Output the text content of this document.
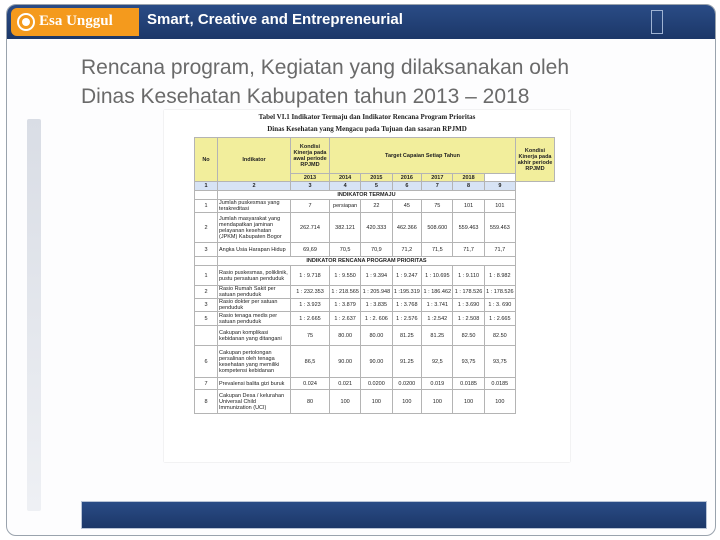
Esa Unggul Smart, Creative and Entrepreneurial
Rencana program, Kegiatan yang dilaksanakan oleh
Dinas Kesehatan Kabupaten tahun 2013 – 2018
Tabel VI.1 Indikator Termaju dan Indikator Rencana Program Prioritas
Dinas Kesehatan yang Mengacu pada Tujuan dan sasaran RPJMD
No	Indikator	Kondisi Kinerja pada awal periode RPJMD	Target Capaian Setiap Tahun						Kondisi Kinerja pada akhir periode RPJMD
		2013	2014	2015	2016	2017	2018		
1	2	3	4	5	6	7	8	9	
	INDIKATOR TERMAJU								
1	Jumlah puskesmas yang terakreditasi	7	persiapan	22	45	75	101	101	
2	Jumlah masyarakat yang mendapatkan jaminan pelayanan kesehatan (JPKM) Kabupaten Bogor	262.714	382.121	420.333	462.366	508.600	559.463	559.463	
3	Angka Usia Harapan Hidup	69,69	70,5	70,9	71,2	71,5	71,7	71,7	
	INDIKATOR RENCANA PROGRAM PRIORITAS								
1	Rasio puskesmas, poliklinik, pustu persatuan penduduk	1 : 9.718	1 : 9.550	1 : 9.394	1 : 9.247	1 : 10.695	1 : 9.110	1 : 8.982	
2	Rasio Rumah Sakit per satuan penduduk	1 : 232.353	1 : 218.565	1 : 205.948	1 :195.319	1 : 186.462	1 : 178.526	1 : 178.526	
3	Rasio dokter per satuan penduduk	1 : 3.923	1 : 3.879	1 : 3.835	1 : 3.768	1 : 3.741	1 : 3.690	1 : 3. 690	
5	Rasio tenaga medis per satuan penduduk	1 : 2.665	1 : 2.637	1 : 2. 606	1 : 2.576	1 :2.542	1 : 2.508	1 : 2.665	
	Cakupan komplikasi kebidanan yang ditangani	75	80.00	80.00	81.25	81.25	82.50	82.50	
6	Cakupan pertolongan persalinan oleh tenaga kesehatan yang memiliki kompetensi kebidanan	86,5	90.00	90.00	91.25	92,5	93,75	93,75	
7	Prevalensi balita gizi buruk	0.024	0.021	0.0200	0.0200	0.019	0.0185	0.0185	
8	Cakupan Desa / kelurahan Universal Child Immunization (UCI)	80	100	100	100	100	100	100	
